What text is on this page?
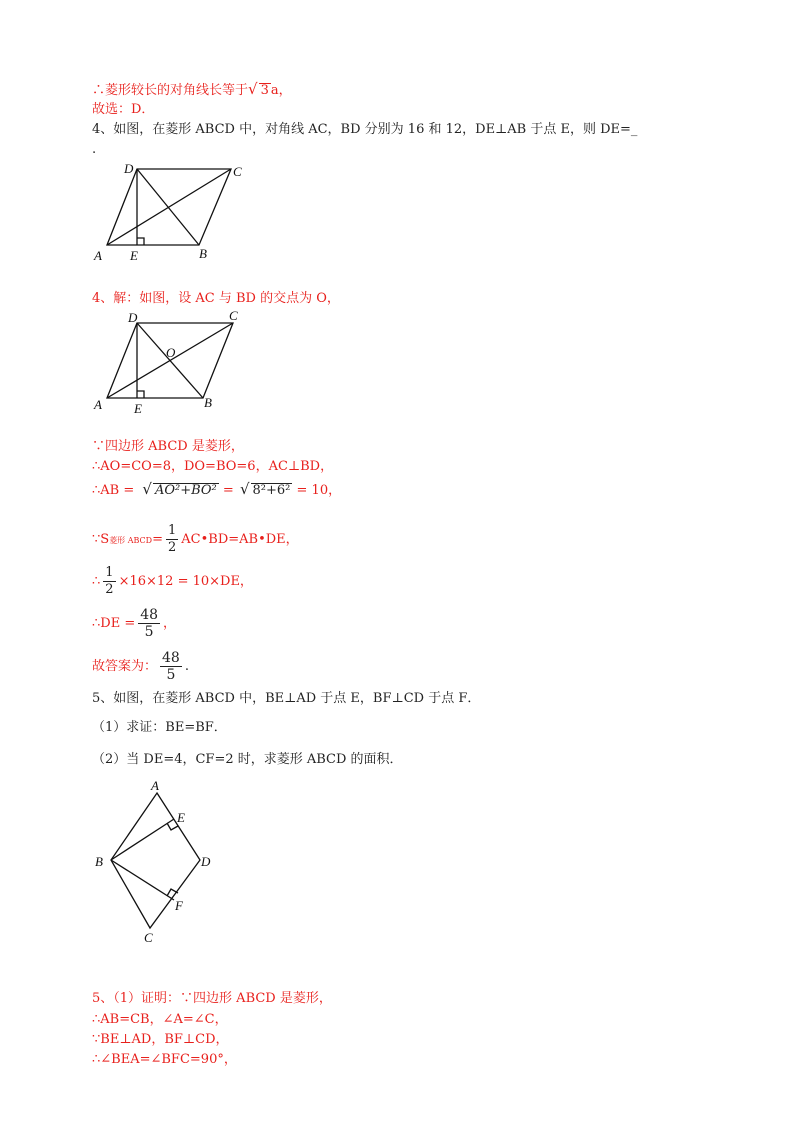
∴菱形较长的对角线长等于√ 3 a，
故选：D．
4、如图，在菱形 ABCD 中，对角线 AC，BD 分别为 16 和 12，DE⊥AB 于点 E，则 DE=_
.
D	C
A E	B
4、解：如图，设 AC 与 BD 的交点为 O，
D	C
O
A E	B
∵四边形 ABCD 是菱形，
∴AO=CO=8，DO=BO=6，AC⊥BD，
∴AB = √ AO²+BO² = √ 8²+6² = 10，
∵S菱形 ABCD= $\frac{1}{2}$ AC•BD=AB•DE，
∴ $\frac{1}{2} \times 16\times 12 = 10\times DE$，
∴DE = $\frac{48}{5}$ ，
故答案为： $\frac{48}{5}$ .
5、如图，在菱形 ABCD 中，BE⊥AD 于点 E，BF⊥CD 于点 F．
（1）求证：BE=BF．
（2）当 DE=4，CF=2 时，求菱形 ABCD 的面积．
A
E
B	D
F
C
5、（1）证明：∵四边形 ABCD 是菱形，
∴AB=CB，∠A=∠C，
∵BE⊥AD，BF⊥CD，
∴∠BEA=∠BFC=90°，
